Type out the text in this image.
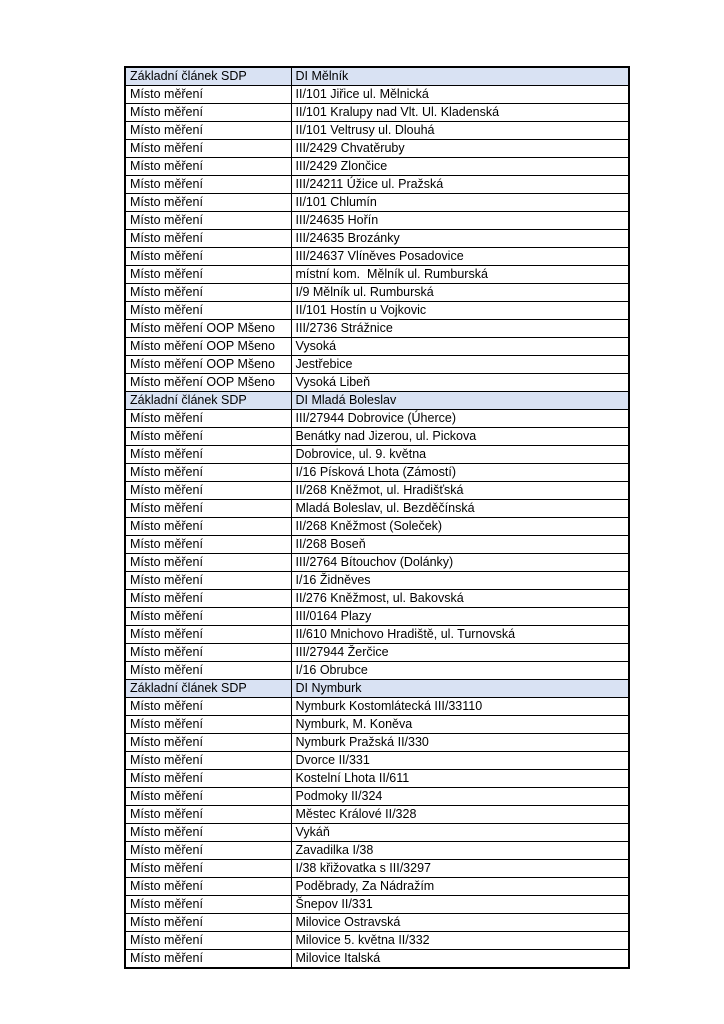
Základní článek SDP	DI Mělník
Místo měření	II/101 Jiřice ul. Mělnická
Místo měření	II/101 Kralupy nad Vlt. Ul. Kladenská
Místo měření	II/101 Veltrusy ul. Dlouhá
Místo měření	III/2429 Chvatěruby
Místo měření	III/2429 Zlončice
Místo měření	III/24211 Úžice ul. Pražská
Místo měření	II/101 Chlumín
Místo měření	III/24635 Hořín
Místo měření	III/24635 Brozánky
Místo měření	III/24637 Vlíněves Posadovice
Místo měření	místní kom.  Mělník ul. Rumburská
Místo měření	I/9 Mělník ul. Rumburská
Místo měření	II/101 Hostín u Vojkovic
Místo měření OOP Mšeno	III/2736 Strážnice
Místo měření OOP Mšeno	Vysoká
Místo měření OOP Mšeno	Jestřebice
Místo měření OOP Mšeno	Vysoká Libeň
Základní článek SDP	DI Mladá Boleslav
Místo měření	III/27944 Dobrovice (Úherce)
Místo měření	Benátky nad Jizerou, ul. Pickova
Místo měření	Dobrovice, ul. 9. května
Místo měření	I/16 Písková Lhota (Zámostí)
Místo měření	II/268 Kněžmot, ul. Hradišťská
Místo měření	Mladá Boleslav, ul. Bezděčínská
Místo měření	II/268 Kněžmost (Soleček)
Místo měření	II/268 Boseň
Místo měření	III/2764 Bítouchov (Dolánky)
Místo měření	I/16 Židněves
Místo měření	II/276 Kněžmost, ul. Bakovská
Místo měření	III/0164 Plazy
Místo měření	II/610 Mnichovo Hradiště, ul. Turnovská
Místo měření	III/27944 Žerčice
Místo měření	I/16 Obrubce
Základní článek SDP	DI Nymburk
Místo měření	Nymburk Kostomlátecká III/33110
Místo měření	Nymburk, M. Koněva
Místo měření	Nymburk Pražská II/330
Místo měření	Dvorce II/331
Místo měření	Kostelní Lhota II/611
Místo měření	Podmoky II/324
Místo měření	Městec Králové II/328
Místo měření	Vykáň
Místo měření	Zavadilka I/38
Místo měření	I/38 křižovatka s III/3297
Místo měření	Poděbrady, Za Nádražím
Místo měření	Šnepov II/331
Místo měření	Milovice Ostravská
Místo měření	Milovice 5. května II/332
Místo měření	Milovice Italská
